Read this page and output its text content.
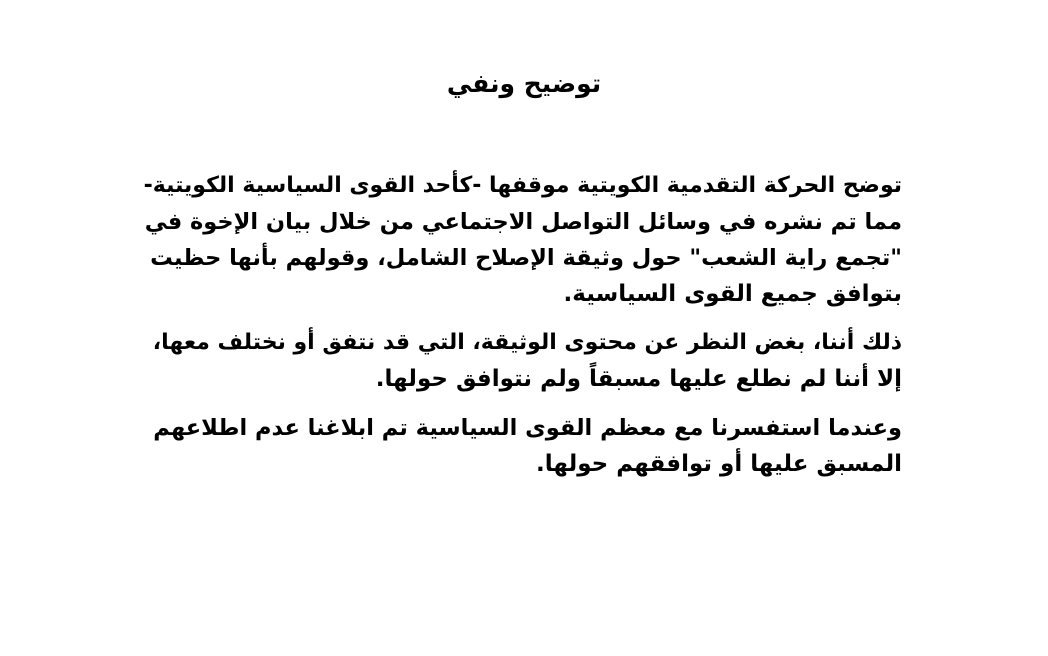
توضيح ونفي
توضح الحركة التقدمية الكويتية موقفها -كأحد القوى السياسية الكويتية-
مما تم نشره في وسائل التواصل الاجتماعي من خلال بيان الإخوة في
"تجمع راية الشعب" حول وثيقة الإصلاح الشامل، وقولهم بأنها حظيت
بتوافق جميع القوى السياسية.
ذلك أننا، بغض النظر عن محتوى الوثيقة، التي قد نتفق أو نختلف معها،
إلا أننا لم نطلع عليها مسبقاً ولم نتوافق حولها.
وعندما استفسرنا مع معظم القوى السياسية تم ابلاغنا عدم اطلاعهم
المسبق عليها أو توافقهم حولها.
